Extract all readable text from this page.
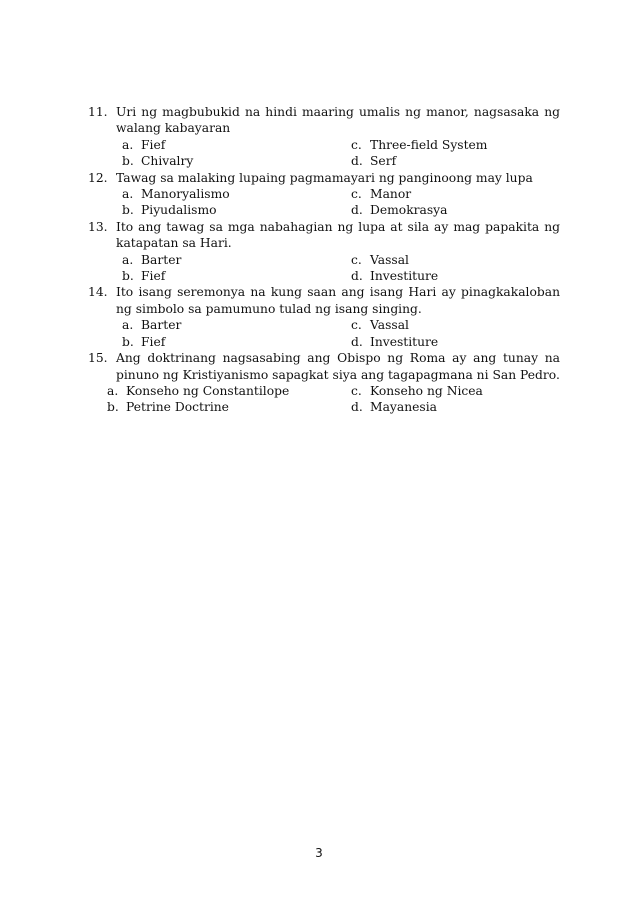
11. Uri ng magbubukid na hindi maaring umalis ng manor, nagsasaka ng walang kabayaran
a. Fief	c. Three-field System
b. Chivalry	d. Serf
12. Tawag sa malaking lupaing pagmamayari ng panginoong may lupa
a. Manoryalismo	c. Manor
b. Piyudalismo	d. Demokrasya
13. Ito ang tawag sa mga nabahagian ng lupa at sila ay mag papakita ng katapatan sa Hari.
a. Barter	c. Vassal
b. Fief	d. Investiture
14. Ito isang seremonya na kung saan ang isang Hari ay pinagkakaloban ng simbolo sa pamumuno tulad ng isang singing.
a. Barter	c. Vassal
b. Fief	d. Investiture
15. Ang doktrinang nagsasabing ang Obispo ng Roma ay ang tunay na pinuno ng Kristiyanismo sapagkat siya ang tagapagmana ni San Pedro.
a. Konseho ng Constantilope	c. Konseho ng Nicea
b. Petrine Doctrine	d. Mayanesia
3
